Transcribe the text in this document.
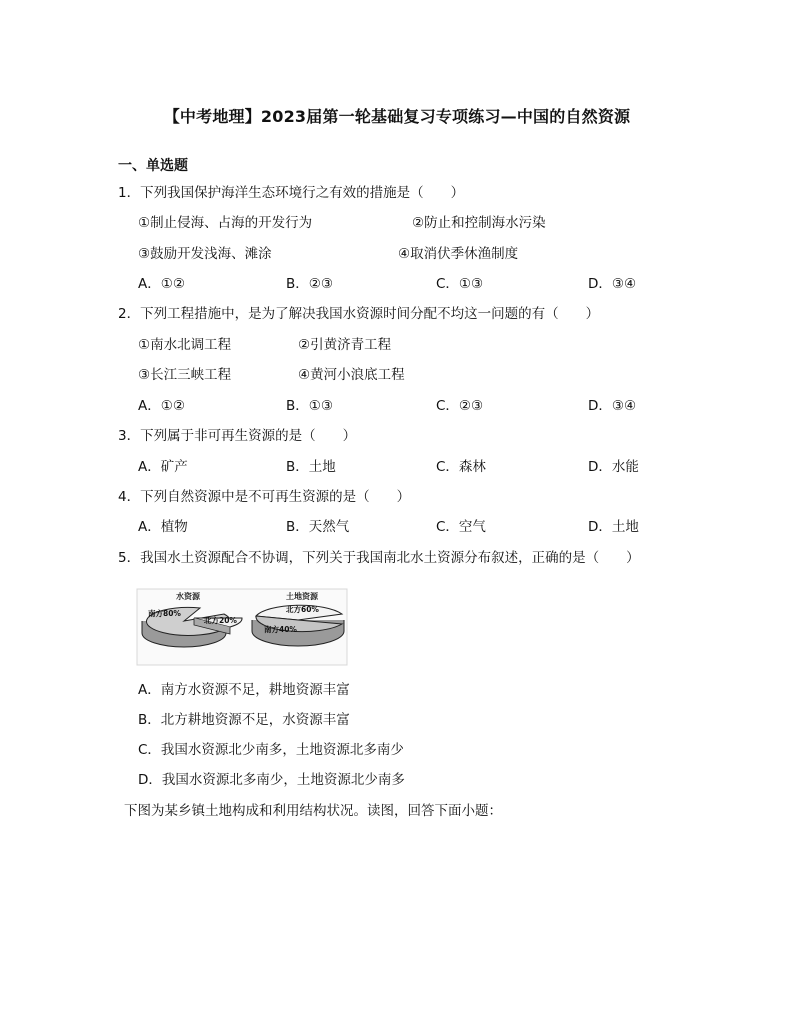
【中考地理】2023届第一轮基础复习专项练习—中国的自然资源
一、单选题
1．下列我国保护海洋生态环境行之有效的措施是（　　）
①制止侵海、占海的开发行为	②防止和控制海水污染
③鼓励开发浅海、滩涂	④取消伏季休渔制度
A．①②	B．②③	C．①③	D．③④
2．下列工程措施中，是为了解决我国水资源时间分配不均这一问题的有（　　）
①南水北调工程	②引黄济青工程
③长江三峡工程	④黄河小浪底工程
A．①②	B．①③	C．②③	D．③④
3．下列属于非可再生资源的是（　　）
A．矿产	B．土地	C．森林	D．水能
4．下列自然资源中是不可再生资源的是（　　）
A．植物	B．天然气	C．空气	D．土地
5．我国水土资源配合不协调，下列关于我国南北水土资源分布叙述，正确的是（　　）
水资源
南方80%
北方20%
土地资源
北方60%
南方40%
A．南方水资源不足，耕地资源丰富
B．北方耕地资源不足，水资源丰富
C．我国水资源北少南多，土地资源北多南少
D．我国水资源北多南少，土地资源北少南多
下图为某乡镇土地构成和利用结构状况。读图，回答下面小题：
